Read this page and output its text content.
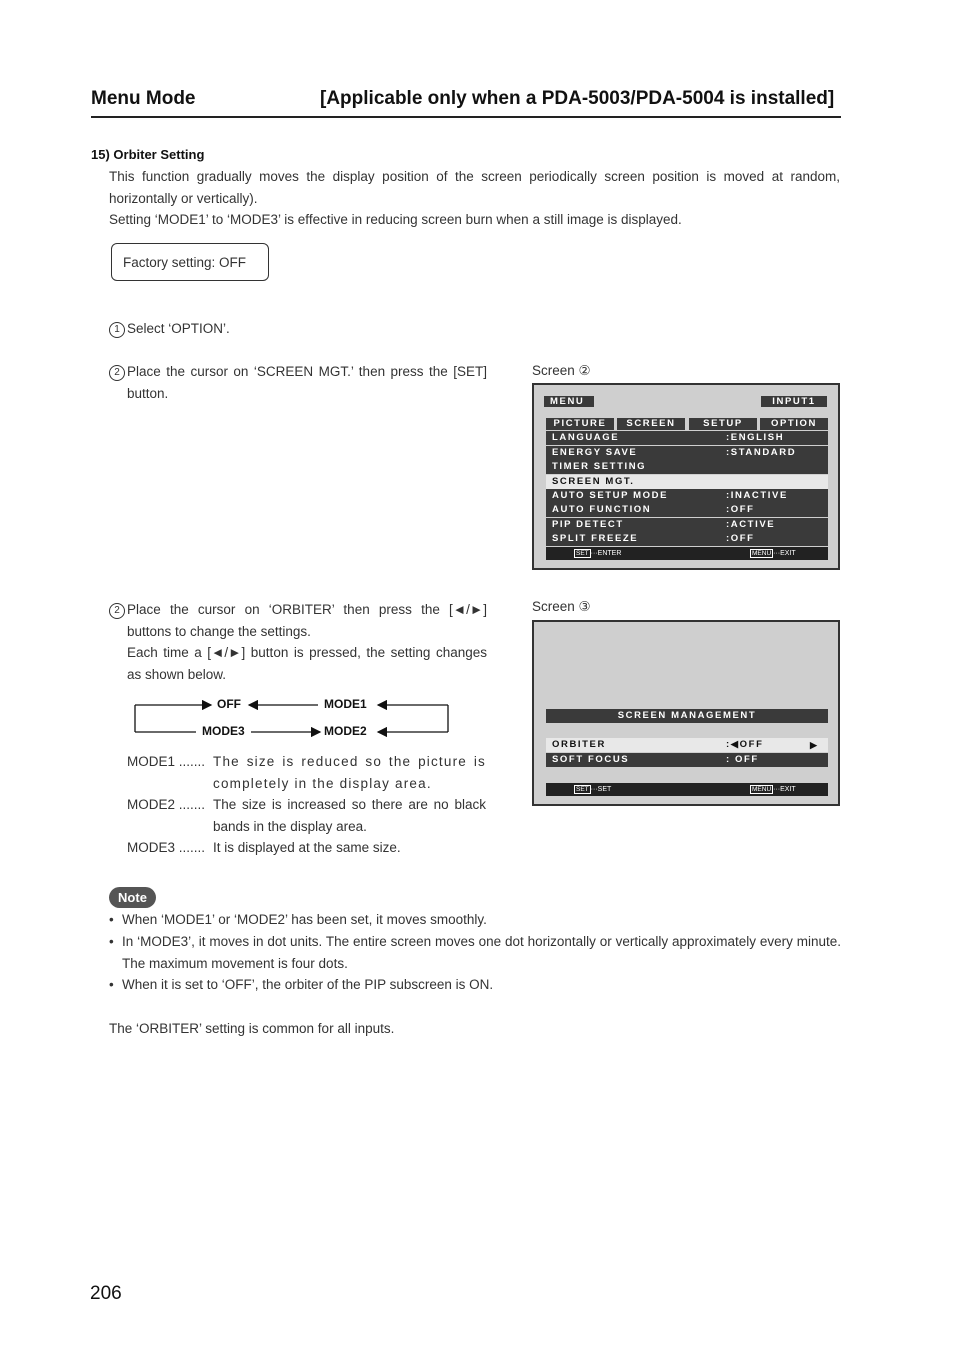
Menu Mode	[Applicable only when a PDA-5003/PDA-5004 is installed]
15) Orbiter Setting
This function gradually moves the display position of the screen periodically screen position is moved at random, horizontally or vertically).
Setting ‘MODE1’ to ‘MODE3’ is effective in reducing screen burn when a still image is displayed.
Factory setting: OFF
1 Select ‘OPTION’.
2 Place the cursor on ‘SCREEN MGT.’ then press the [SET] button.
Screen ②
MENU	INPUT1
PICTURE	SCREEN	SETUP	OPTION
LANGUAGE	:ENGLISH
ENERGY SAVE	:STANDARD
TIMER SETTING
SCREEN MGT.
AUTO SETUP MODE	:INACTIVE
AUTO FUNCTION	:OFF
PIP DETECT	:ACTIVE
SPLIT FREEZE	:OFF
SET ···ENTER	MENU ···EXIT
2 Place the cursor on ‘ORBITER’ then press the [◄/►] buttons to change the settings.
Each time a [◄/►] button is pressed, the setting changes as shown below.
OFF	MODE1
MODE3	MODE2
MODE1 ....... The size is reduced so the picture is completely in the display area.
MODE2 ....... The size is increased so there are no black bands in the display area.
MODE3 ....... It is displayed at the same size.
Screen ③
SCREEN MANAGEMENT
ORBITER	:◀OFF	▶
SOFT FOCUS	: OFF
SET ···SET	MENU ···EXIT
Note
• When ‘MODE1’ or ‘MODE2’ has been set, it moves smoothly.
• In ‘MODE3’, it moves in dot units. The entire screen moves one dot horizontally or vertically approximately every minute. The maximum movement is four dots.
• When it is set to ‘OFF’, the orbiter of the PIP subscreen is ON.
The ‘ORBITER’ setting is common for all inputs.
206
